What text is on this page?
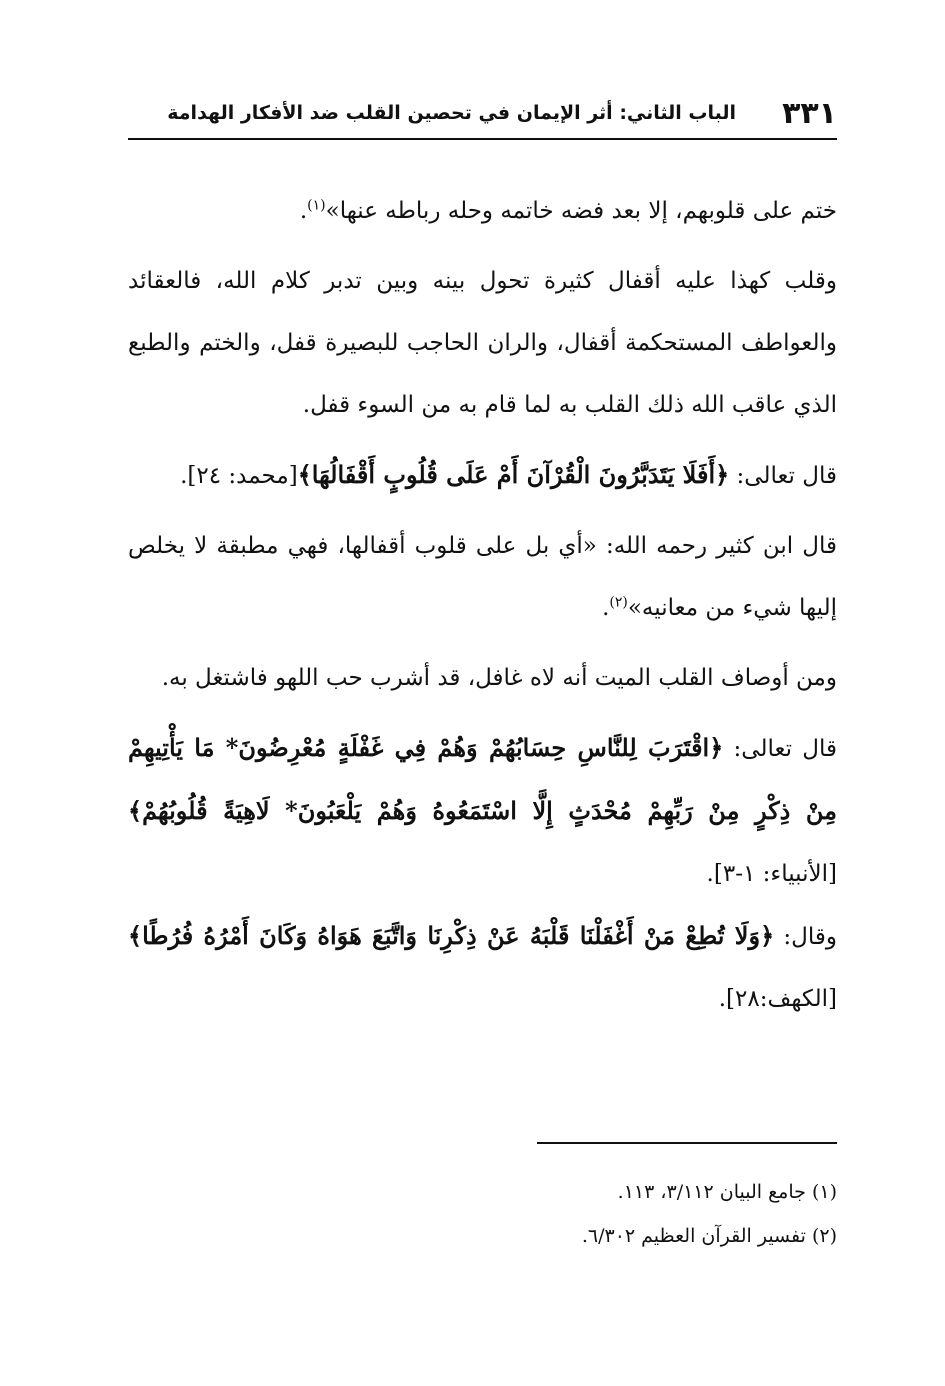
٣٣١
الباب الثاني: أثر الإيمان في تحصين القلب ضد الأفكار الهدامة

ختم على قلوبهم، إلا بعد فضه خاتمه وحله رباطه عنها»$^{(١)}$.

وقلب كهذا عليه أقفال كثيرة تحول بينه وبين تدبر كلام الله، فالعقائد والعواطف المستحكمة أقفال، والران الحاجب للبصيرة قفل، والختم والطبع الذي عاقب الله ذلك القلب به لما قام به من السوء قفل.

قال تعالى: ﴿أَفَلَا يَتَدَبَّرُونَ الْقُرْآنَ أَمْ عَلَى قُلُوبٍ أَقْفَالُهَا﴾[محمد: ٢٤].

قال ابن كثير رحمه الله: «أي بل على قلوب أقفالها، فهي مطبقة لا يخلص إليها شيء من معانيه»$^{(٢)}$.

ومن أوصاف القلب الميت أنه لاه غافل، قد أشرب حب اللهو فاشتغل به.

قال تعالى: ﴿اقْتَرَبَ لِلنَّاسِ حِسَابُهُمْ وَهُمْ فِي غَفْلَةٍ مُعْرِضُونَ* مَا يَأْتِيهِمْ مِنْ ذِكْرٍ مِنْ رَبِّهِمْ مُحْدَثٍ إِلَّا اسْتَمَعُوهُ وَهُمْ يَلْعَبُونَ* لَاهِيَةً قُلُوبُهُمْ﴾[الأنبياء: ١-٣].

وقال: ﴿وَلَا تُطِعْ مَنْ أَغْفَلْنَا قَلْبَهُ عَنْ ذِكْرِنَا وَاتَّبَعَ هَوَاهُ وَكَانَ أَمْرُهُ فُرُطًا﴾[الكهف:٢٨].

(١) جامع البيان ٣/١١٢، ١١٣.

(٢) تفسير القرآن العظيم ٦/٣٠٢.
